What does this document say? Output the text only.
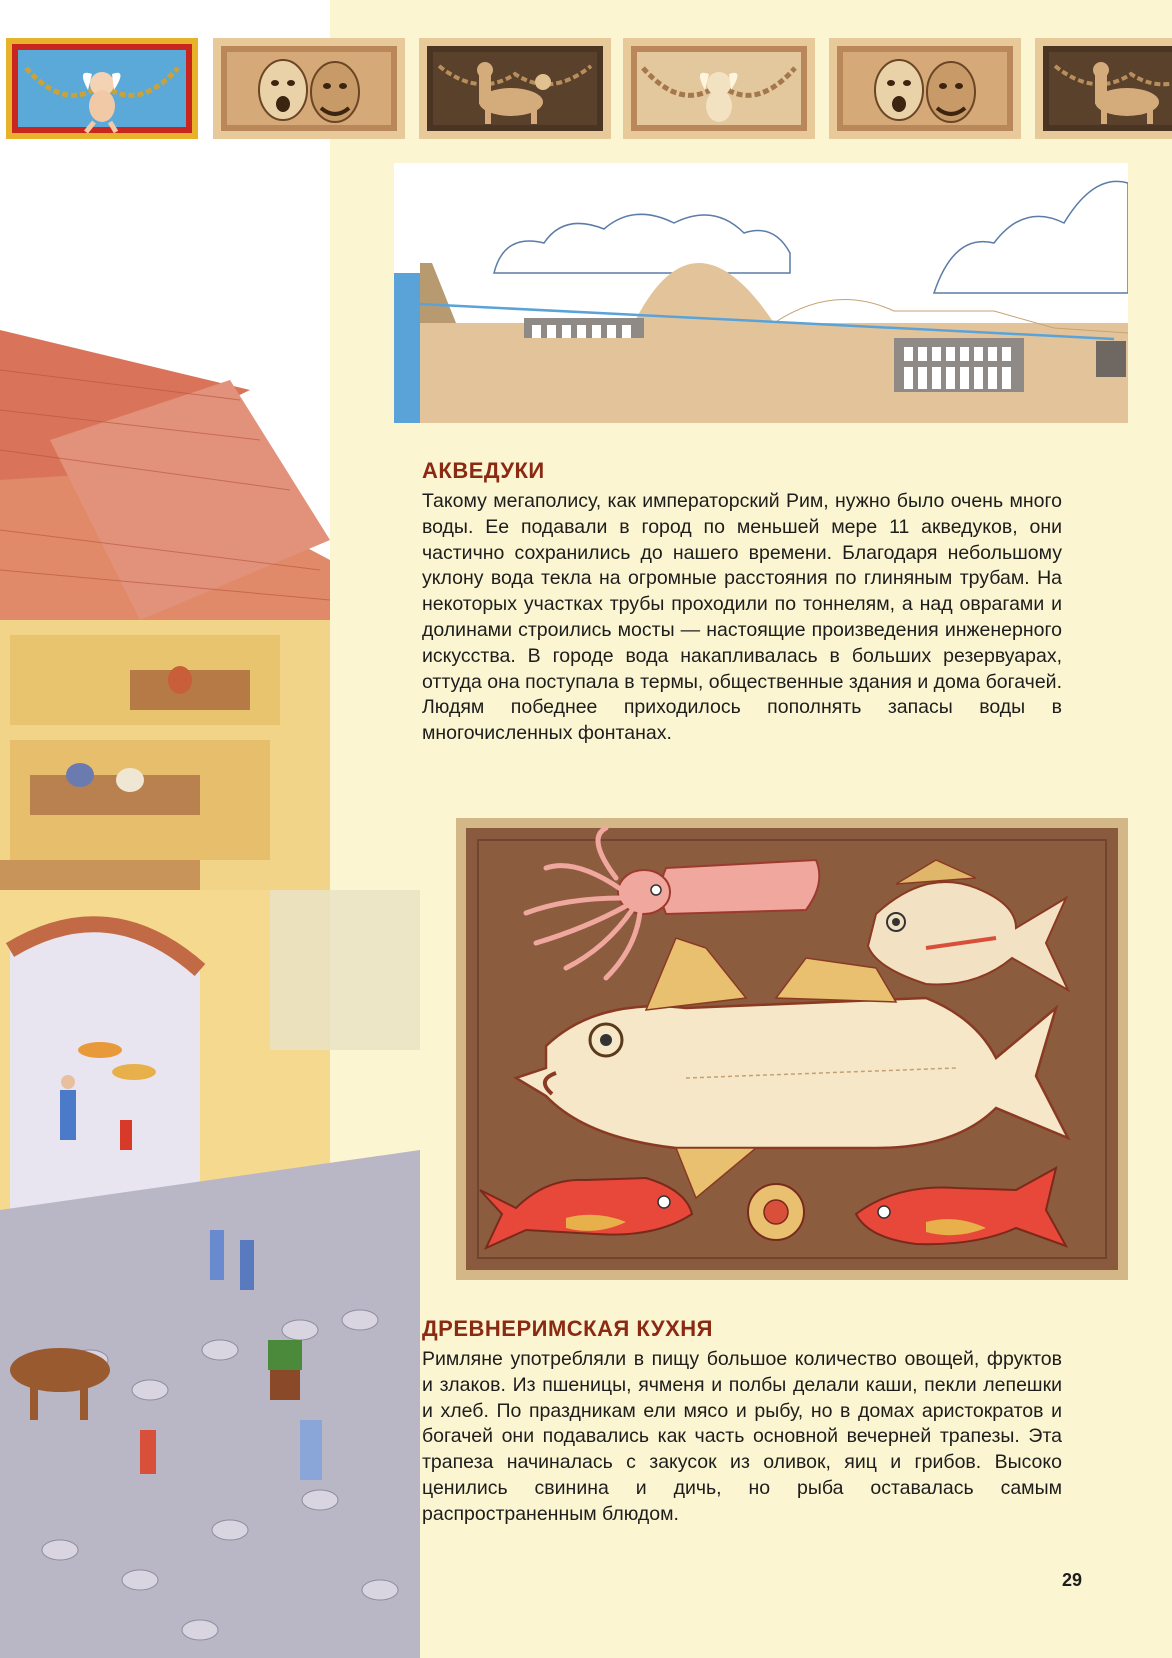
АКВЕДУКИ

Такому мегаполису, как императорский Рим, нужно было очень много воды. Ее подавали в город по меньшей мере 11 акведуков, они частично сохранились до нашего времени. Благодаря небольшому уклону вода текла на огромные расстояния по глиняным трубам. На некоторых участках трубы проходили по тоннелям, а над оврагами и долинами строились мосты — настоящие произведения инженерного искусства. В городе вода накапливалась в больших резервуарах, оттуда она поступала в термы, общественные здания и дома богачей. Людям победнее приходилось пополнять запасы воды в многочисленных фонтанах.

ДРЕВНЕРИМСКАЯ КУХНЯ

Римляне употребляли в пищу большое количество овощей, фруктов и злаков. Из пшеницы, ячменя и полбы делали каши, пекли лепешки и хлеб. По праздникам ели мясо и рыбу, но в домах аристократов и богачей они подавались как часть основной вечерней трапезы. Эта трапеза начиналась с закусок из оливок, яиц и грибов. Высоко ценились свинина и дичь, но рыба оставалась самым распространенным блюдом.

29
